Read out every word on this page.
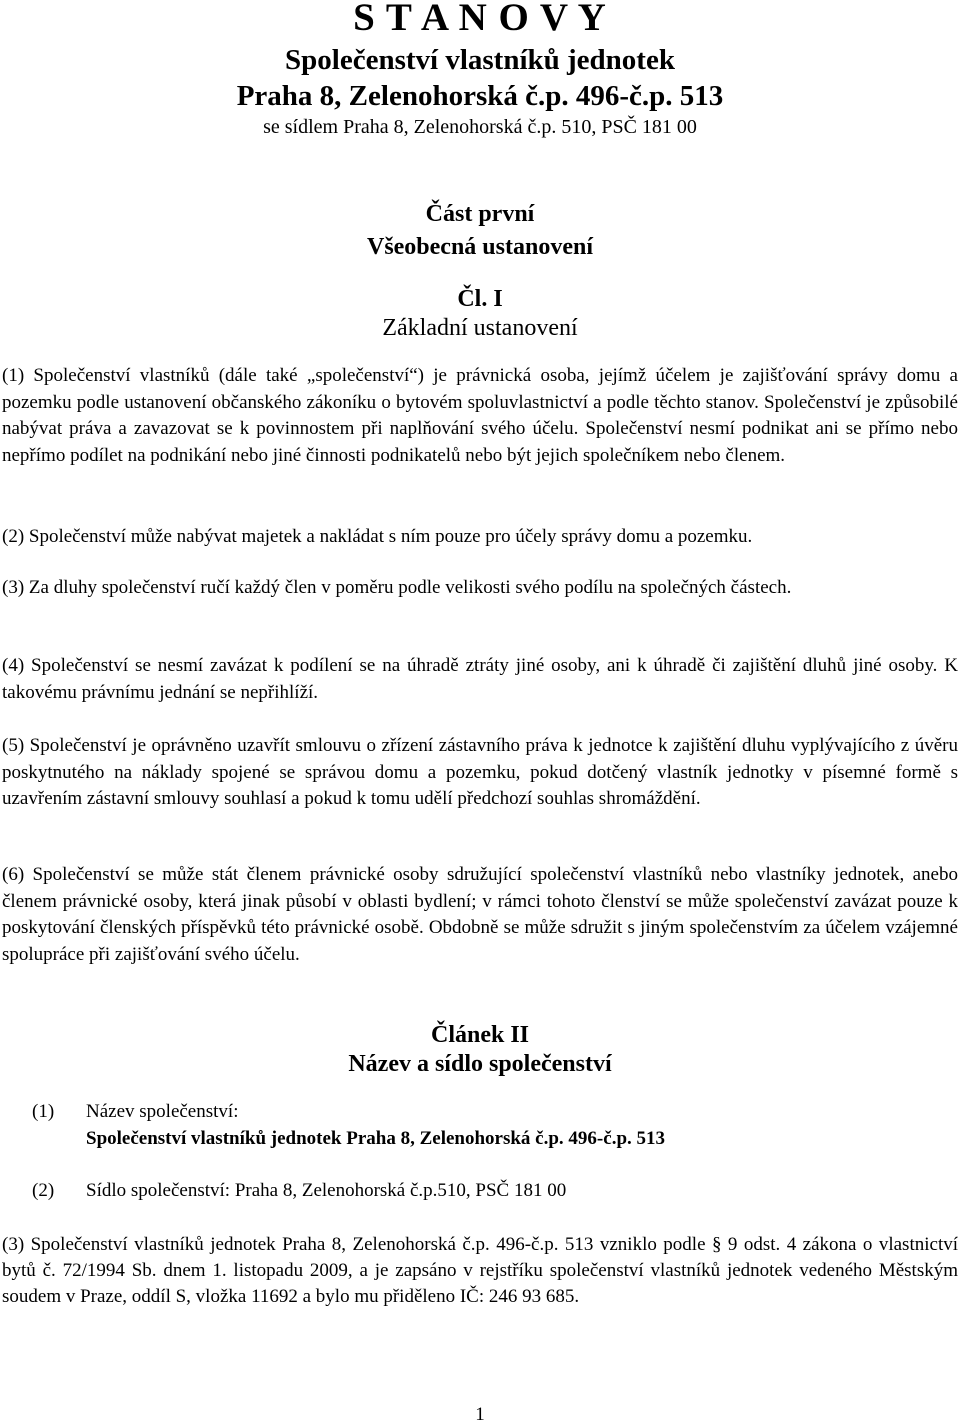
S T A N O V Y
Společenství vlastníků jednotek
Praha 8, Zelenohorská č.p. 496-č.p. 513
se sídlem Praha 8, Zelenohorská č.p. 510, PSČ 181 00
Část první
Všeobecná ustanovení
Čl. I
Základní ustanovení
(1) Společenství vlastníků (dále také „společenství“) je právnická osoba, jejímž účelem je zajišťování správy domu a pozemku podle ustanovení občanského zákoníku o bytovém spoluvlastnictví a podle těchto stanov. Společenství je způsobilé nabývat práva a zavazovat se k povinnostem při naplňování svého účelu. Společenství nesmí podnikat ani se přímo nebo nepřímo podílet na podnikání nebo jiné činnosti podnikatelů nebo být jejich společníkem nebo členem.
(2) Společenství může nabývat majetek a nakládat s ním pouze pro účely správy domu a pozemku.
(3) Za dluhy společenství ručí každý člen v poměru podle velikosti svého podílu na společných částech.
(4) Společenství se nesmí zavázat k podílení se na úhradě ztráty jiné osoby, ani k úhradě či zajištění dluhů jiné osoby. K takovému právnímu jednání se nepřihlíží.
(5) Společenství je oprávněno uzavřít smlouvu o zřízení zástavního práva k jednotce k zajištění dluhu vyplývajícího z úvěru poskytnutého na náklady spojené se správou domu a pozemku, pokud dotčený vlastník jednotky v písemné formě s uzavřením zástavní smlouvy souhlasí a pokud k tomu udělí předchozí souhlas shromáždění.
(6) Společenství se může stát členem právnické osoby sdružující společenství vlastníků nebo vlastníky jednotek, anebo členem právnické osoby, která jinak působí v oblasti bydlení; v rámci tohoto členství se může společenství zavázat pouze k poskytování členských příspěvků této právnické osobě. Obdobně se může sdružit s jiným společenstvím za účelem vzájemné spolupráce při zajišťování svého účelu.
Článek II
Název a sídlo společenství
(1) Název společenství:
Společenství vlastníků jednotek Praha 8, Zelenohorská č.p. 496-č.p. 513
(2) Sídlo společenství: Praha 8, Zelenohorská č.p.510, PSČ 181 00
(3) Společenství vlastníků jednotek Praha 8, Zelenohorská č.p. 496-č.p. 513 vzniklo podle § 9 odst. 4 zákona o vlastnictví bytů č. 72/1994 Sb. dnem 1. listopadu 2009, a je zapsáno v rejstříku společenství vlastníků jednotek vedeného Městským soudem v Praze, oddíl S, vložka 11692 a bylo mu přiděleno IČ: 246 93 685.
1
